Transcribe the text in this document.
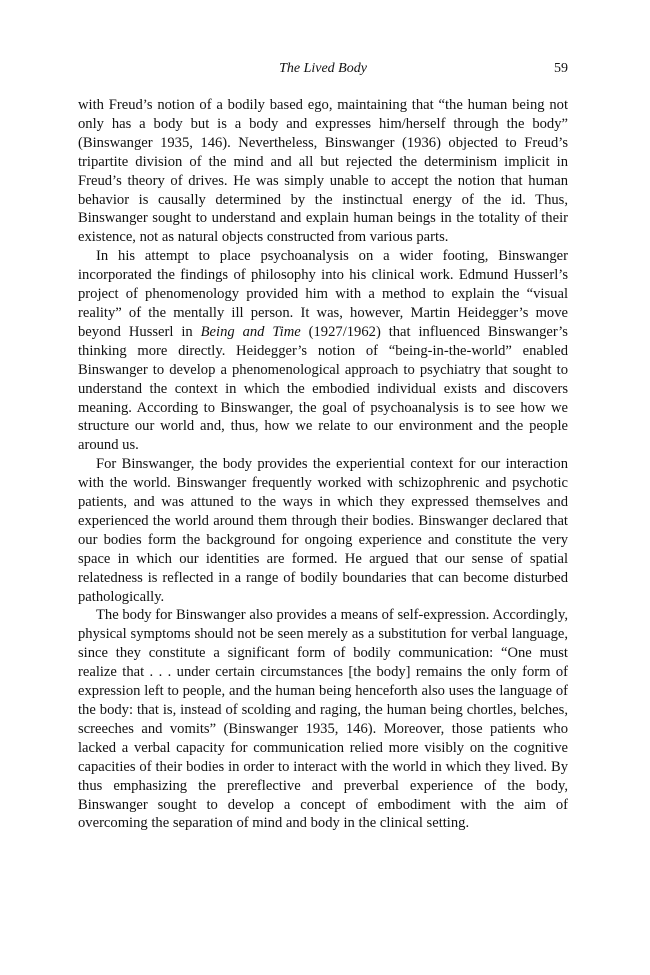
The Lived Body	59

with Freud’s notion of a bodily based ego, maintaining that “the human being not only has a body but is a body and expresses him/herself through the body” (Binswanger 1935, 146). Nevertheless, Binswanger (1936) objected to Freud’s tripartite division of the mind and all but rejected the determinism implicit in Freud’s theory of drives. He was simply unable to accept the notion that human behavior is causally determined by the instinctual energy of the id. Thus, Binswanger sought to understand and explain human beings in the totality of their existence, not as natural objects constructed from various parts.

In his attempt to place psychoanalysis on a wider footing, Binswanger incorporated the findings of philosophy into his clinical work. Edmund Husserl’s project of phenomenology provided him with a method to explain the “visual reality” of the mentally ill person. It was, however, Martin Heidegger’s move beyond Husserl in Being and Time (1927/1962) that influenced Binswanger’s thinking more directly. Heidegger’s notion of “being-in-the-world” enabled Binswanger to develop a phenomenological approach to psychiatry that sought to understand the context in which the embodied individual exists and discovers meaning. According to Binswanger, the goal of psychoanalysis is to see how we structure our world and, thus, how we relate to our environment and the people around us.

For Binswanger, the body provides the experiential context for our interaction with the world. Binswanger frequently worked with schizophrenic and psychotic patients, and was attuned to the ways in which they expressed themselves and experienced the world around them through their bodies. Binswanger declared that our bodies form the background for ongoing experience and constitute the very space in which our identities are formed. He argued that our sense of spatial relatedness is reflected in a range of bodily boundaries that can become disturbed pathologically.

The body for Binswanger also provides a means of self-expression. Accordingly, physical symptoms should not be seen merely as a substitution for verbal language, since they constitute a significant form of bodily communication: “One must realize that . . . under certain circumstances [the body] remains the only form of expression left to people, and the human being henceforth also uses the language of the body: that is, instead of scolding and raging, the human being chortles, belches, screeches and vomits” (Binswanger 1935, 146). Moreover, those patients who lacked a verbal capacity for communication relied more visibly on the cognitive capacities of their bodies in order to interact with the world in which they lived. By thus emphasizing the prereflective and preverbal experience of the body, Binswanger sought to develop a concept of embodiment with the aim of overcoming the separation of mind and body in the clinical setting.
